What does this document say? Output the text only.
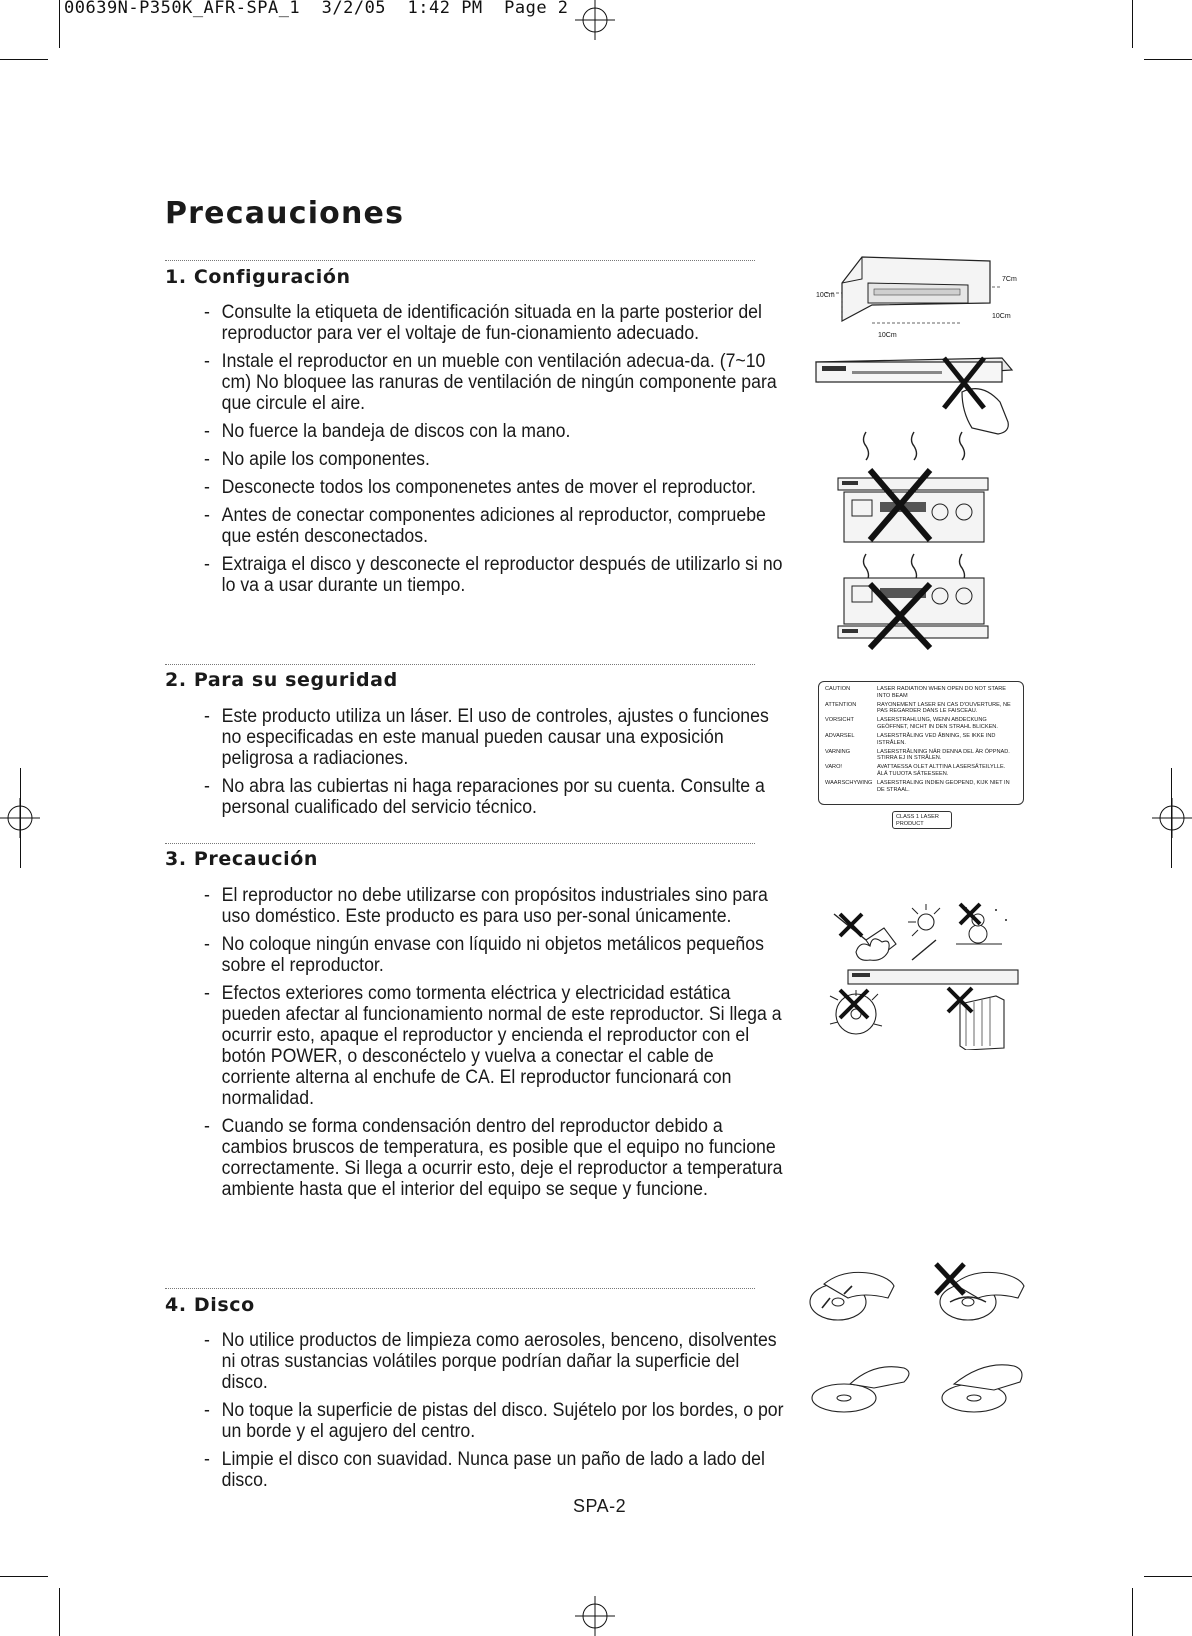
00639N-P350K_AFR-SPA_1  3/2/05  1:42 PM  Page 2
Precauciones
1. Configuración
- Consulte la etiqueta de identificación situada en la parte posterior del reproductor para ver el voltaje de fun-cionamiento adecuado.
- Instale el reproductor en un mueble con ventilación adecua-da. (7~10 cm) No bloquee las ranuras de ventilación de ningún componente para que circule el aire.
- No fuerce la bandeja de discos con la mano.
- No apile los componentes.
- Desconecte todos los componenetes antes de mover el reproductor.
- Antes de conectar componentes adiciones al reproductor, compruebe que estén desconectados.
- Extraiga el disco y desconecte el reproductor después de utilizarlo si no lo va a usar durante un tiempo.
2. Para su seguridad
- Este producto utiliza un láser. El uso de controles, ajustes o funciones no especificadas en este manual pueden causar una exposición peligrosa a radiaciones.
- No abra las cubiertas ni haga reparaciones por su cuenta. Consulte a personal cualificado del servicio técnico.
3. Precaución
- El reproductor no debe utilizarse con propósitos industriales sino para uso doméstico. Este producto es para uso per-sonal únicamente.
- No coloque ningún envase con líquido ni objetos metálicos pequeños sobre el reproductor.
- Efectos exteriores como tormenta eléctrica y electricidad estática pueden afectar al funcionamiento normal de este reproductor. Si llega a ocurrir esto, apaque el reproductor y encienda el reproductor con el botón POWER, o desconéctelo y vuelva a conectar el cable de corriente alterna al enchufe de CA. El reproductor funcionará con normalidad.
- Cuando se forma condensación dentro del reproductor debido a cambios bruscos de temperatura, es posible que el equipo no funcione correctamente. Si llega a ocurrir esto, deje el reproductor a temperatura ambiente hasta que el interior del equipo se seque y funcione.
4. Disco
- No utilice productos de limpieza como aerosoles, benceno, disolventes ni otras sustancias volátiles porque podrían dañar la superficie del disco.
- No toque la superficie de pistas del disco. Sujételo por los bordes, o por un borde y el agujero del centro.
- Limpie el disco con suavidad. Nunca pase un paño de lado a lado del disco.
7Cm
10Cm
10Cm
10Cm
CAUTION	LASER RADIATION WHEN OPEN DO NOT STARE INTO BEAM
ATTENTION	RAYONEMENT LASER EN CAS D'OUVERTURE, NE PAS REGARDER DANS LE FAISCEAU.
VORSICHT	LASERSTRAHLUNG, WENN ABDECKUNG GEÖFFNET, NICHT IN DEN STRAHL BLICKEN.
ADVARSEL	LASERSTRÅLING VED ÅBNING, SE IKKE IND ISTRÅLEN.
VARNING	LASERSTRÅLNING NÄR DENNA DEL ÄR ÖPPNAD. STIRRA EJ IN STRÅLEN.
VARO!	AVATTAESSA OLET ALTTINA LASERSÄTEILYLLE. ÄLÄ TUIJOTA SÄTEESEEN.
WAARSCHYWING LASERSTRALING INDIEN GEOPEND, KIJK NIET IN DE STRAAL.
CLASS 1 LASER PRODUCT
SPA-2
